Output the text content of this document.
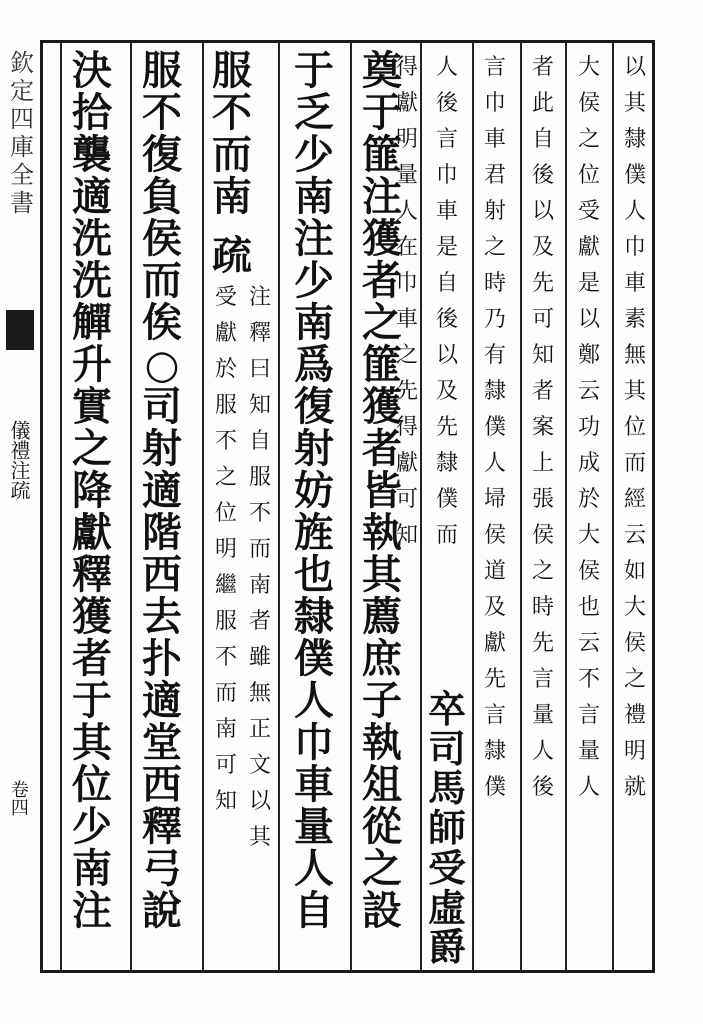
欽定四庫全書
儀禮注疏
卷四
以
其
隸
僕
人
巾
車
素
無
其
位
而
經
云
如
大
侯
之
禮
明
就
大
侯
之
位
受
獻
是
以
鄭
云
功
成
於
大
侯
也
云
不
言
量
人
者
此
自
後
以
及
先
可
知
者
案
上
張
侯
之
時
先
言
量
人
後
言
巾
車
君
射
之
時
乃
有
隸
僕
人
埽
侯
道
及
獻
先
言
隸
僕
人
後
言
巾
車
是
自
後
以
及
先
隸
僕
而
卒
司
馬
師
受
虛
爵
得
獻
明
量
人
在
巾
車
之
先
得
獻
可
知
奠
于
篚
注
獲
者
之
篚
獲
者
皆
執
其
薦
庶
子
執
俎
從
之
設
于
乏
少
南
注
少
南
爲
復
射
妨
旌
也
隸
僕
人
巾
車
量
人
自
服
不
而
南
疏
注
釋
曰
知
自
服
不
而
南
者
雖
無
正
文
以
其
受
獻
於
服
不
之
位
明
繼
服
不
而
南
可
知
服
不
復
負
侯
而
俟
○
司
射
適
階
西
去
扑
適
堂
西
釋
弓
說
決
拾
襲
適
洗
洗
觶
升
實
之
降
獻
釋
獲
者
于
其
位
少
南
注
